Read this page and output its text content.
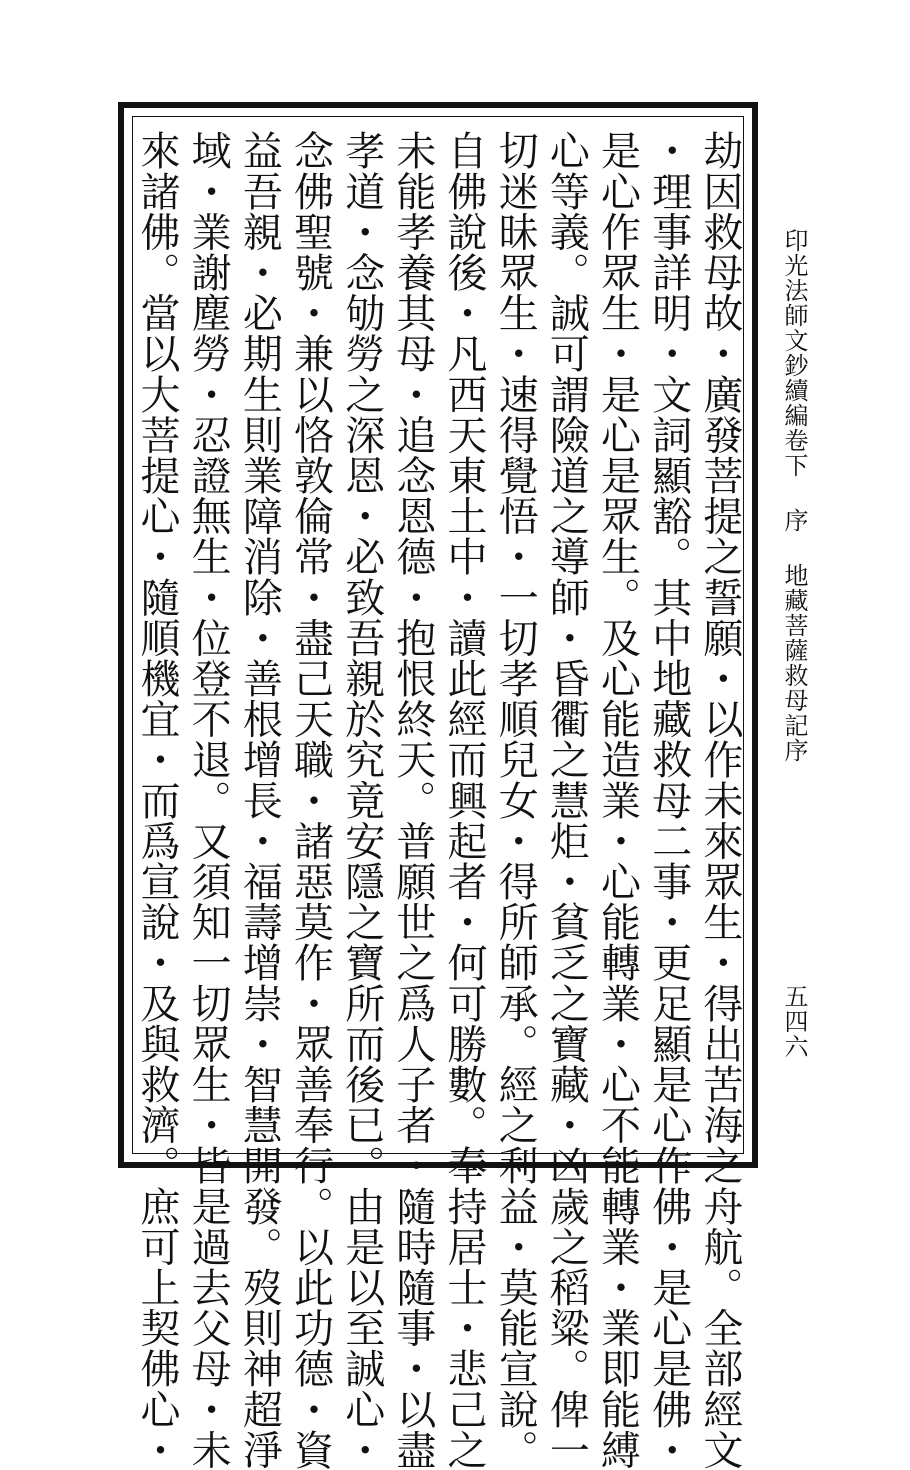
劫因救母故・廣發菩提之誓願・以作未來眾生・得出苦海之舟航。全部經文
・理事詳明・文詞顯豁。其中地藏救母二事・更足顯是心作佛・是心是佛・
是心作眾生・是心是眾生。及心能造業・心能轉業・心不能轉業・業即能縛
心等義。誠可謂險道之導師・昏衢之慧炬・貧乏之寶藏・凶歲之稻粱。俾一
切迷昧眾生・速得覺悟・一切孝順兒女・得所師承。經之利益・莫能宣說。
自佛說後・凡西天東土中・讀此經而興起者・何可勝數。奉持居士・悲己之
未能孝養其母・追念恩德・抱恨終天。普願世之爲人子者・隨時隨事・以盡
孝道・念劬勞之深恩・必致吾親於究竟安隱之寶所而後已。由是以至誠心・
念佛聖號・兼以恪敦倫常・盡己天職・諸惡莫作・眾善奉行。以此功德・資
益吾親・必期生則業障消除・善根增長・福壽增崇・智慧開發。歿則神超淨
域・業謝塵勞・忍證無生・位登不退。又須知一切眾生・皆是過去父母・未
來諸佛。當以大菩提心・隨順機宜・而爲宣說・及與救濟。庶可上契佛心・	印光法師文鈔續編卷下序地藏菩薩救母記序
五四六
